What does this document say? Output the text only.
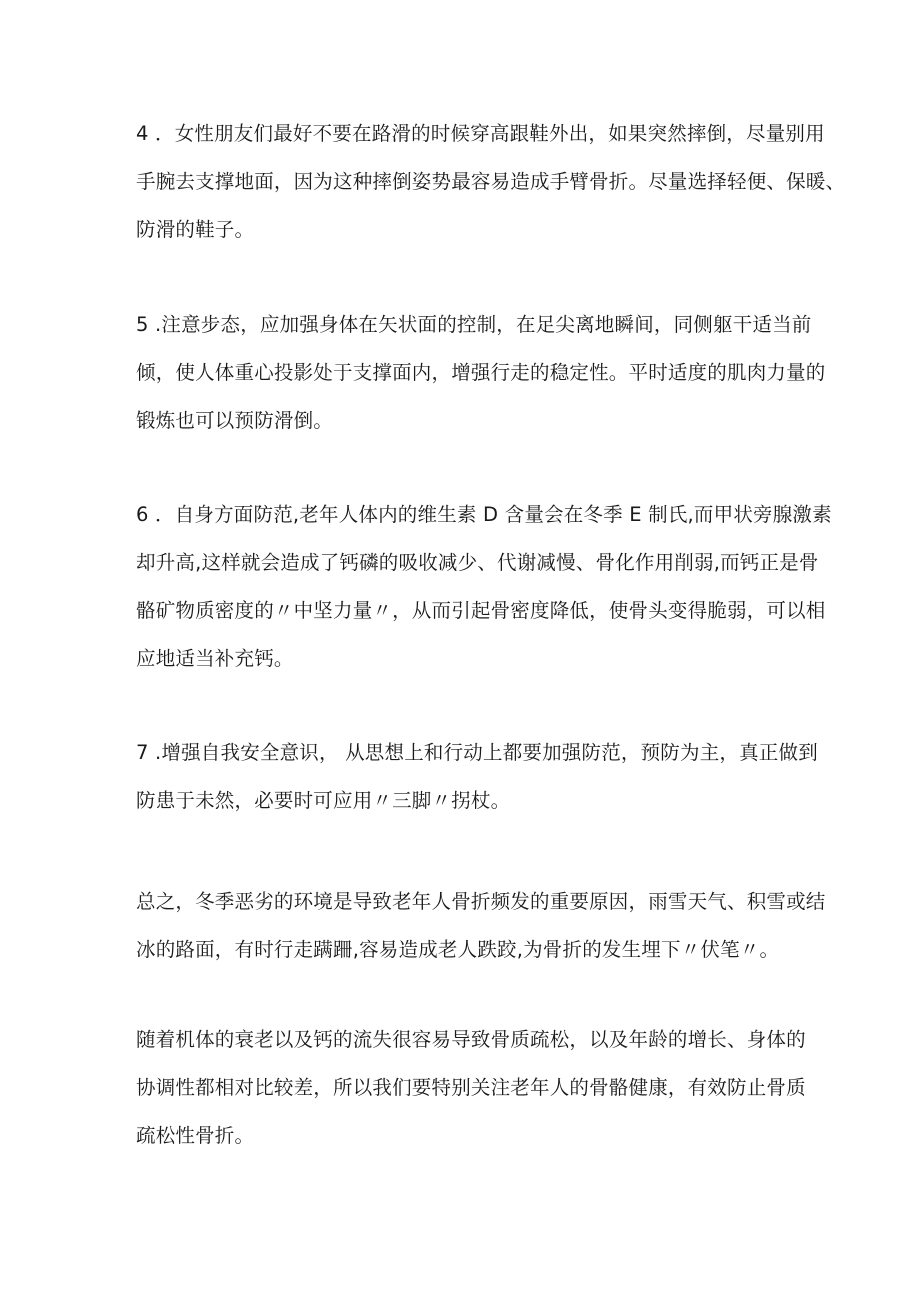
4 ．女性朋友们最好不要在路滑的时候穿高跟鞋外出，如果突然摔倒，尽量别用
手腕去支撑地面，因为这种摔倒姿势最容易造成手臂骨折。尽量选择轻便、保暖、
防滑的鞋子。
5 .注意步态，应加强身体在矢状面的控制，在足尖离地瞬间，同侧躯干适当前
倾，使人体重心投影处于支撑面内，增强行走的稳定性。平时适度的肌肉力量的
锻炼也可以预防滑倒。
6 ．自身方面防范,老年人体内的维生素 D 含量会在冬季 E 制氏,而甲状旁腺激素
却升高,这样就会造成了钙磷的吸收减少、代谢减慢、骨化作用削弱,而钙正是骨
骼矿物质密度的〃中坚力量〃，从而引起骨密度降低，使骨头变得脆弱，可以相
应地适当补充钙。
7 .增强自我安全意识， 从思想上和行动上都要加强防范，预防为主，真正做到
防患于未然，必要时可应用〃三脚〃拐杖。
总之，冬季恶劣的环境是导致老年人骨折频发的重要原因，雨雪天气、积雪或结
冰的路面，有时行走蹒跚,容易造成老人跌跤,为骨折的发生埋下〃伏笔〃。
随着机体的衰老以及钙的流失很容易导致骨质疏松，以及年龄的增长、身体的
协调性都相对比较差，所以我们要特别关注老年人的骨骼健康，有效防止骨质
疏松性骨折。
